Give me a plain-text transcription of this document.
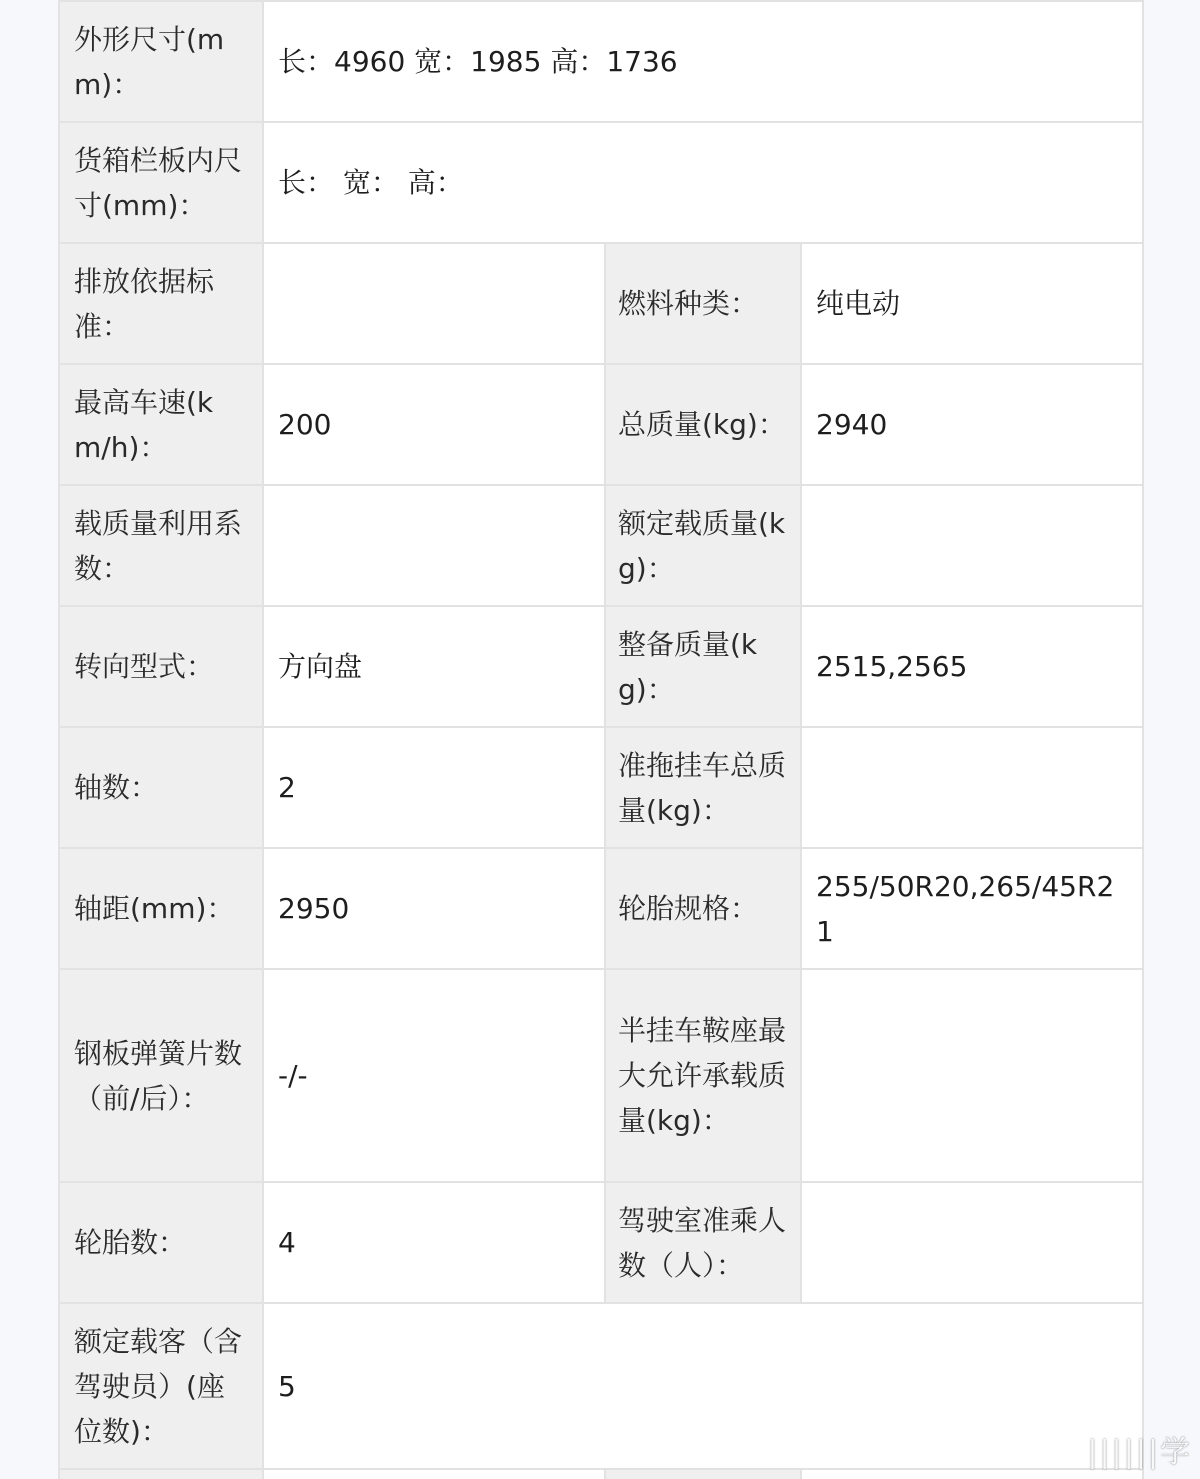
外形尺寸(mm)：	长：4960 宽：1985 高：1736		
货箱栏板内尺寸(mm)：	长： 宽： 高：		
排放依据标准：		燃料种类：	纯电动
最高车速(km/h)：	200	总质量(kg)：	2940
载质量利用系数：		额定载质量(kg)：	
转向型式：	方向盘	整备质量(kg)：	2515,2565
轴数：	2	准拖挂车总质量(kg)：	
轴距(mm)：	2950	轮胎规格：	255/50R20,265/45R21
钢板弹簧片数（前/后）：	-/-	半挂车鞍座最大允许承载质量(kg)：	
轮胎数：	4	驾驶室准乘人数（人）：	
额定载客（含驾驶员）(座位数)：	5		

||||||学
